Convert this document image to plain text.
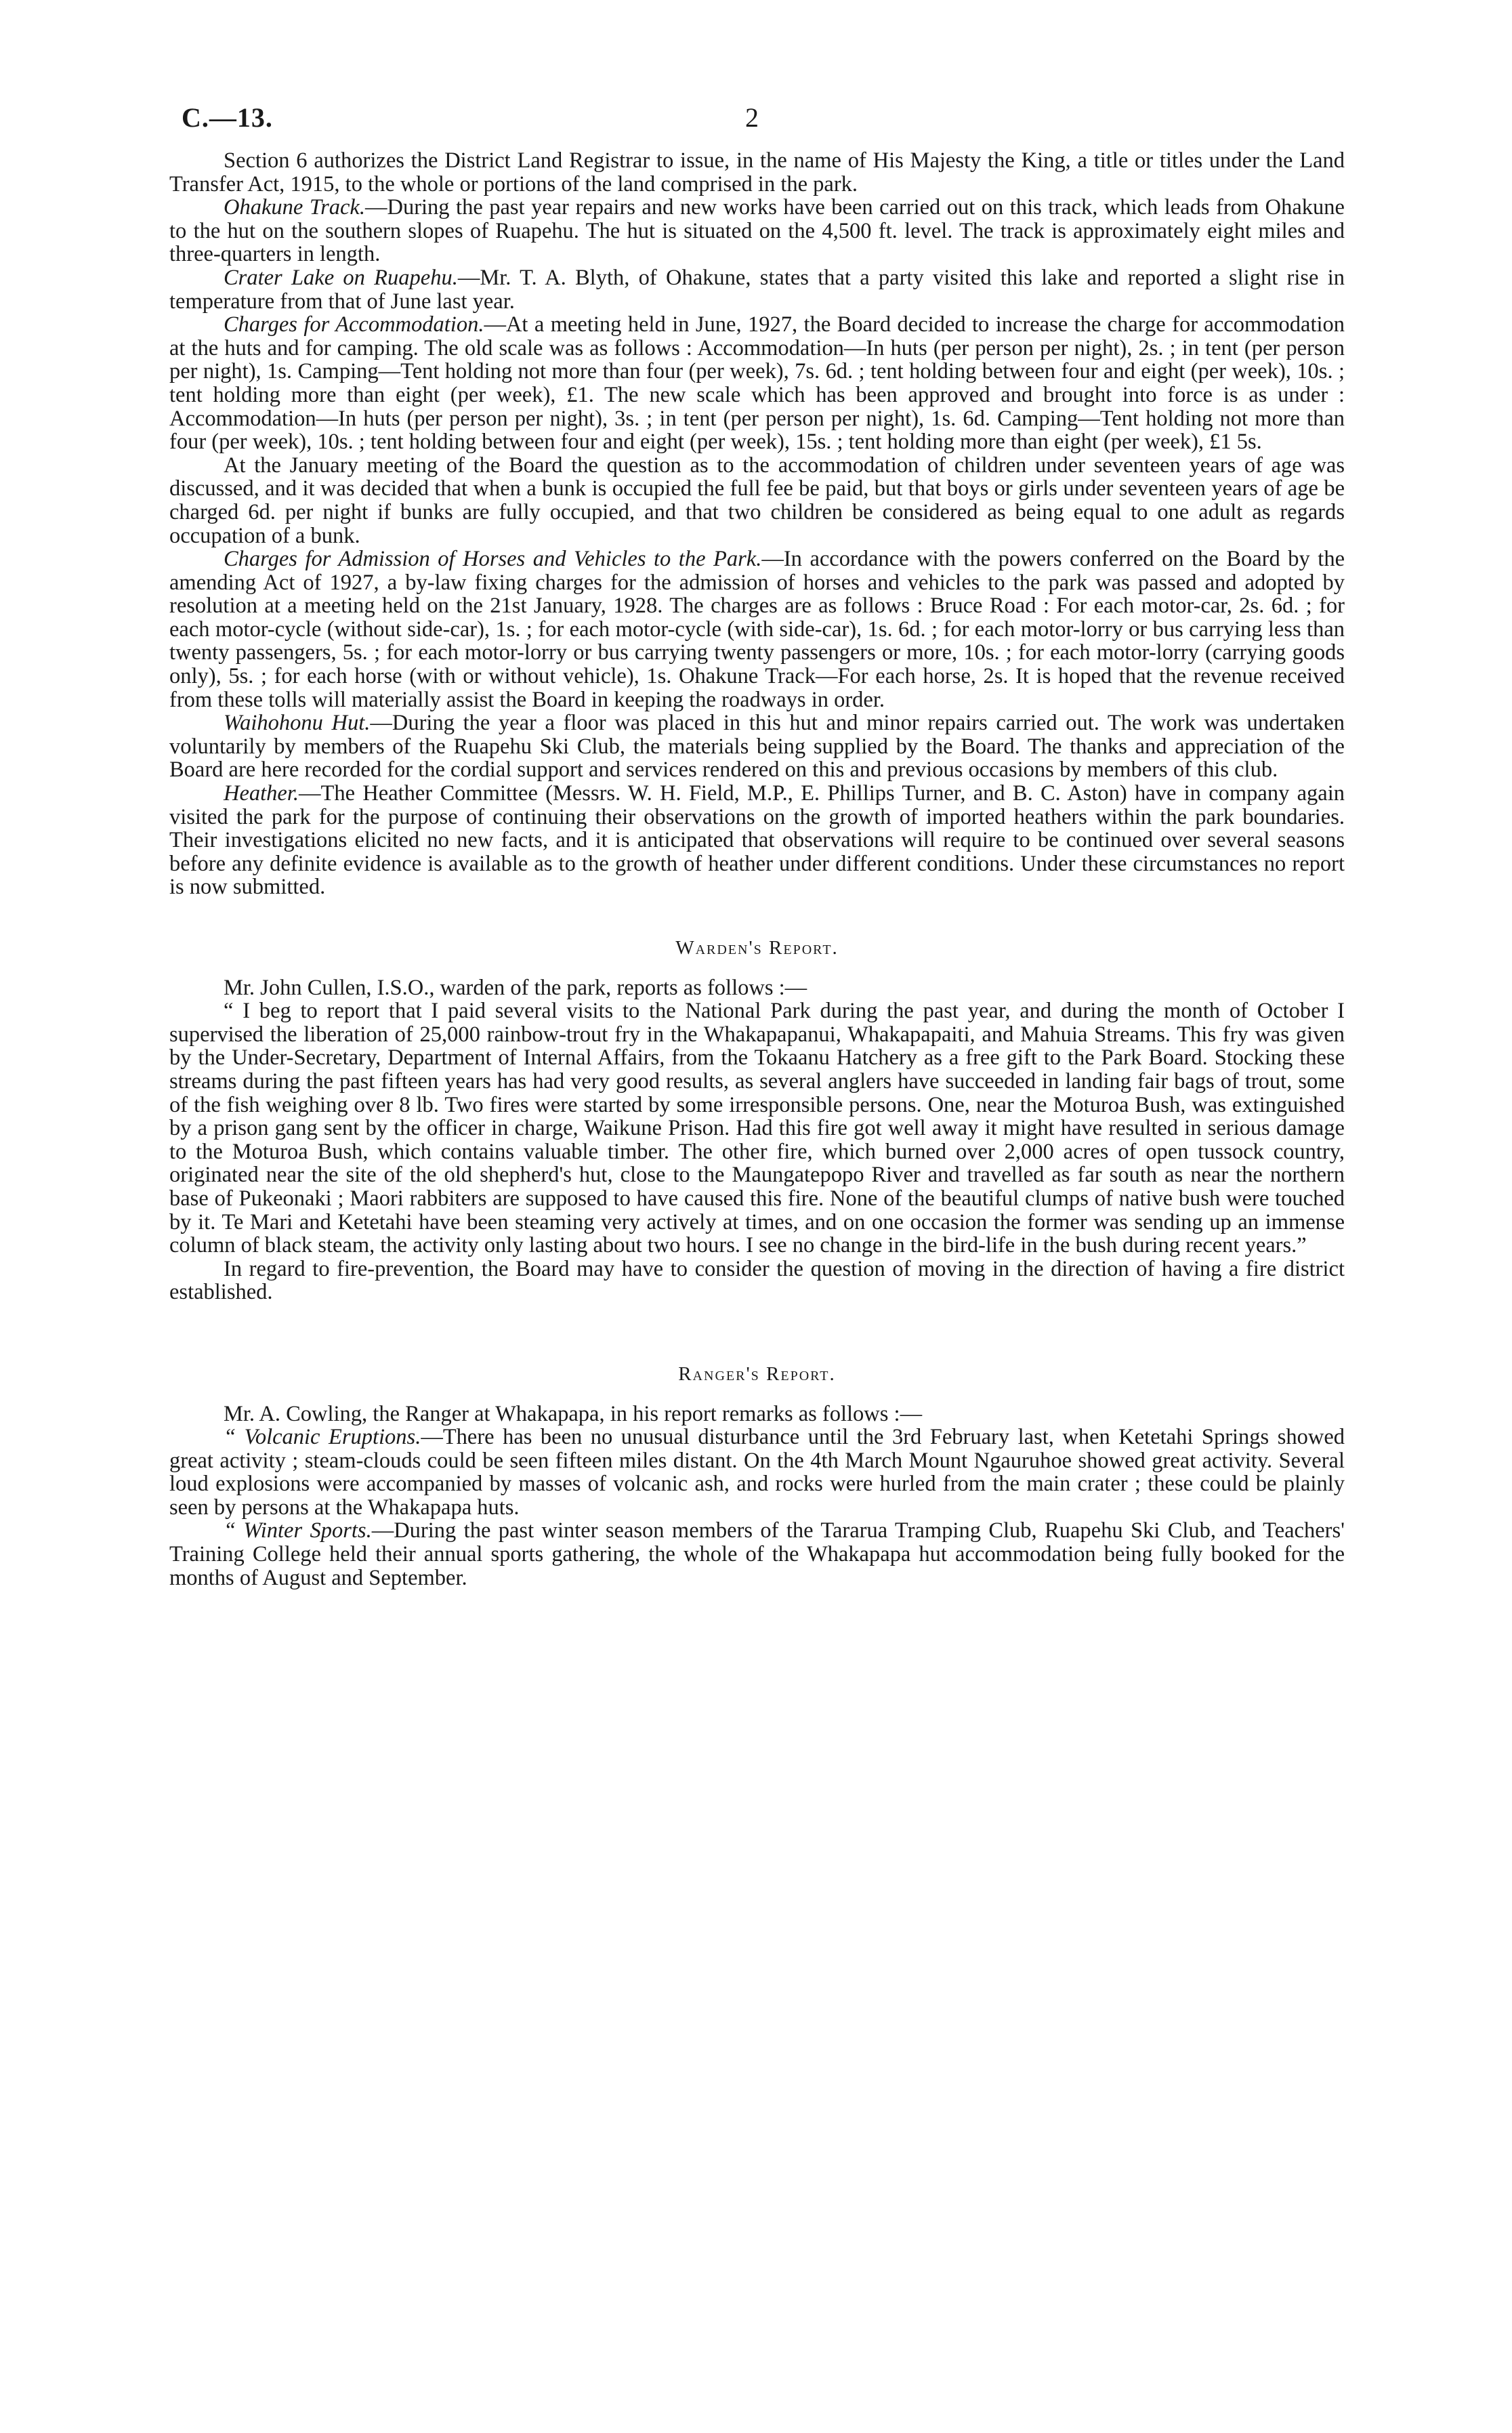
C.—13.	2

Section 6 authorizes the District Land Registrar to issue, in the name of His Majesty the King, a title or titles under the Land Transfer Act, 1915, to the whole or portions of the land comprised in the park.

Ohakune Track.—During the past year repairs and new works have been carried out on this track, which leads from Ohakune to the hut on the southern slopes of Ruapehu. The hut is situated on the 4,500 ft. level. The track is approximately eight miles and three-quarters in length.

Crater Lake on Ruapehu.—Mr. T. A. Blyth, of Ohakune, states that a party visited this lake and reported a slight rise in temperature from that of June last year.

Charges for Accommodation.—At a meeting held in June, 1927, the Board decided to increase the charge for accommodation at the huts and for camping. The old scale was as follows : Accommodation—In huts (per person per night), 2s. ; in tent (per person per night), 1s. Camping—Tent holding not more than four (per week), 7s. 6d. ; tent holding between four and eight (per week), 10s. ; tent holding more than eight (per week), £1. The new scale which has been approved and brought into force is as under : Accommodation—In huts (per person per night), 3s. ; in tent (per person per night), 1s. 6d. Camping—Tent holding not more than four (per week), 10s. ; tent holding between four and eight (per week), 15s. ; tent holding more than eight (per week), £1 5s.

At the January meeting of the Board the question as to the accommodation of children under seventeen years of age was discussed, and it was decided that when a bunk is occupied the full fee be paid, but that boys or girls under seventeen years of age be charged 6d. per night if bunks are fully occupied, and that two children be considered as being equal to one adult as regards occupation of a bunk.

Charges for Admission of Horses and Vehicles to the Park.—In accordance with the powers conferred on the Board by the amending Act of 1927, a by-law fixing charges for the admission of horses and vehicles to the park was passed and adopted by resolution at a meeting held on the 21st January, 1928. The charges are as follows : Bruce Road : For each motor-car, 2s. 6d. ; for each motor-cycle (without side-car), 1s. ; for each motor-cycle (with side-car), 1s. 6d. ; for each motor-lorry or bus carrying less than twenty passengers, 5s. ; for each motor-lorry or bus carrying twenty passengers or more, 10s. ; for each motor-lorry (carrying goods only), 5s. ; for each horse (with or without vehicle), 1s. Ohakune Track—For each horse, 2s. It is hoped that the revenue received from these tolls will materially assist the Board in keeping the roadways in order.

Waihohonu Hut.—During the year a floor was placed in this hut and minor repairs carried out. The work was undertaken voluntarily by members of the Ruapehu Ski Club, the materials being supplied by the Board. The thanks and appreciation of the Board are here recorded for the cordial support and services rendered on this and previous occasions by members of this club.

Heather.—The Heather Committee (Messrs. W. H. Field, M.P., E. Phillips Turner, and B. C. Aston) have in company again visited the park for the purpose of continuing their observations on the growth of imported heathers within the park boundaries. Their investigations elicited no new facts, and it is anticipated that observations will require to be continued over several seasons before any definite evidence is available as to the growth of heather under different conditions. Under these circumstances no report is now submitted.

Warden's Report.

Mr. John Cullen, I.S.O., warden of the park, reports as follows :—

“ I beg to report that I paid several visits to the National Park during the past year, and during the month of October I supervised the liberation of 25,000 rainbow-trout fry in the Whakapapanui, Whakapapaiti, and Mahuia Streams. This fry was given by the Under-Secretary, Department of Internal Affairs, from the Tokaanu Hatchery as a free gift to the Park Board. Stocking these streams during the past fifteen years has had very good results, as several anglers have succeeded in landing fair bags of trout, some of the fish weighing over 8 lb. Two fires were started by some irresponsible persons. One, near the Moturoa Bush, was extinguished by a prison gang sent by the officer in charge, Waikune Prison. Had this fire got well away it might have resulted in serious damage to the Moturoa Bush, which contains valuable timber. The other fire, which burned over 2,000 acres of open tussock country, originated near the site of the old shepherd's hut, close to the Maungatepopo River and travelled as far south as near the northern base of Pukeonaki ; Maori rabbiters are supposed to have caused this fire. None of the beautiful clumps of native bush were touched by it. Te Mari and Ketetahi have been steaming very actively at times, and on one occasion the former was sending up an immense column of black steam, the activity only lasting about two hours. I see no change in the bird-life in the bush during recent years.”

In regard to fire-prevention, the Board may have to consider the question of moving in the direction of having a fire district established.

Ranger's Report.

Mr. A. Cowling, the Ranger at Whakapapa, in his report remarks as follows :—

“ Volcanic Eruptions.—There has been no unusual disturbance until the 3rd February last, when Ketetahi Springs showed great activity ; steam-clouds could be seen fifteen miles distant. On the 4th March Mount Ngauruhoe showed great activity. Several loud explosions were accompanied by masses of volcanic ash, and rocks were hurled from the main crater ; these could be plainly seen by persons at the Whakapapa huts.

“ Winter Sports.—During the past winter season members of the Tararua Tramping Club, Ruapehu Ski Club, and Teachers' Training College held their annual sports gathering, the whole of the Whakapapa hut accommodation being fully booked for the months of August and September.
